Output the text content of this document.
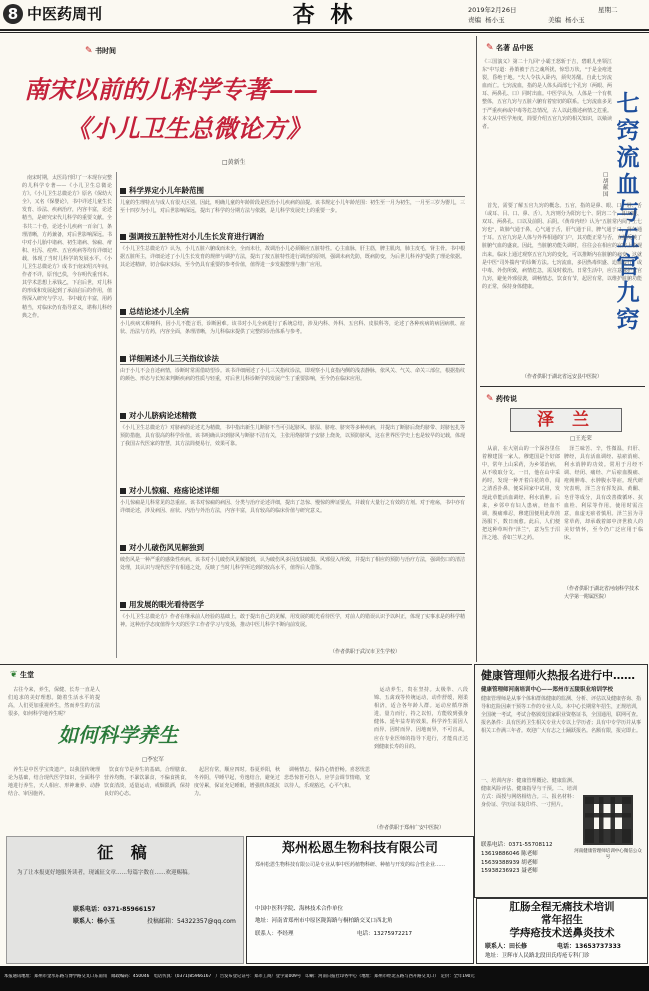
8 中医药周刊	杏 林	2019年2月26日	星期二
责编 杨小玉	美编 杨小玉
✎ 书时间
南宋以前的儿科学专著——
《小儿卫生总微论方》
□黄新生
　南宋时期，太医局刊印了一本现存完整的儿科学专著——《小儿卫生总微论方》。《小儿卫生总微论方》原名《保幼大全》，又名《保婴论》，书中详述儿童生长发育、诊法、疾病治疗，内容丰富，论述精当，是研究宋代儿科学的重要文献。全书共二十卷，论述小儿疾病一百余门，条理清晰，方药兼备，对后世影响深远。书中对小儿胎中诸病、初生诸病、惊痫、疳积、吐泻、痘疹、五官疾病等均有详细记载，体现了当时儿科学的发展水平。《小儿卫生总微论方》成书于南宋绍兴年间，作者不详，原刊已佚，今存明代重刊本。其学术思想上承钱乙，下启后世，对儿科的形成和发展起到了承前启后的作用，值得深入研究与学习。书中载方丰富，用药精当，对临床仍有指导意义，堪称儿科经典之作。
科学界定小儿年龄范围
儿童的生理特点与成人有很大区别。因此，明确儿童的年龄阶段是医治小儿疾病的前提。该书规定小儿年龄范围：初生至一月为初生，一月至三岁为婴儿，三至十四岁为小儿，对后世影响深远，提出了科学的分期方法与依据，是儿科学发展史上的重要一步。
强调按五脏特性对小儿生长发育进行调治
《小儿卫生总微论方》认为，小儿五脏六腑成而未全，全而未壮，故调治小儿必须顺应五脏特性。心主血脉，肝主筋，脾主肌肉，肺主皮毛，肾主骨。书中根据五脏所主，详细论述了小儿生长发育的规律与调护方法，提出了按五脏特性进行调治的原则，强调未病先防，既病防变，为后世儿科养护提供了理论依据。其论述精辟，切合临床实际，至今仍具有重要的参考价值，值得进一步发掘整理与推广应用。
总结论述小儿全病
小儿疾病又称哑科，因小儿不能言语，诊断困难。该书对小儿全病进行了系统总结，涉及内科、外科、五官科、皮肤科等，论述了各种疾病的病因病机、症状、治法与方药，内容全面，条理清晰，为儿科临床提供了完整的诊治体系与参考。
详细阐述小儿三关指纹诊法
由于小儿不会自述病情，诊断时常需借助望诊。该书详细阐述了小儿三关指纹诊法，即观察小儿食指内侧的浅表静脉，依风关、气关、命关三部位，根据指纹的颜色、形态与长短来判断疾病的性质与轻重，对后世儿科诊断学的发展产生了重要影响，至今仍在临床应用。
对小儿脐病论述精微
《小儿卫生总微论方》对脐病的论述尤为精微，书中指出新生儿断脐不当可引起脐风、脐湿、脐疮、脐突等多种疾病，并提出了断脐后烧灼脐带、封脐包扎等预防措施，具有很高的科学价值。该书明确认识到脐风与断脐不洁有关，主张用烙脐饼子安脐上烧灸，以预防脐风，这在世界医学史上也是较早的记载，体现了我国古代医家的智慧，其方法简便易行，效果可靠。
对小儿惊痫、疮疡论述详细
小儿惊痫是儿科常见的急重症。该书对惊痫的病因、分类与治疗论述详细，提出了急惊、慢惊的辨证要点，并载有大量行之有效的方剂。对于疮疡，书中亦有详细论述，涉及病因、症状、内治与外治方法，内容丰富，具有较高的临床价值与研究意义。
对小儿破伤风见解独到
破伤风是一种严重的感染性疾病。该书对小儿破伤风见解独到，认为破伤风多因皮肤破损、风邪侵入所致，并提出了相应的预防与治疗方法，强调伤口的清洁处理，其认识与现代医学有相通之处，反映了当时儿科学所达到的较高水平，值得后人借鉴。
用发展的眼光看待医学
《小儿卫生总微论方》作者在继承前人经验的基础上，敢于提出自己的见解，用发展的眼光看待医学，对前人的错误认识予以纠正，体现了实事求是的科学精神。这种治学态度值得今天的医学工作者学习与发扬，推动中医儿科学不断向前发展。
（作者供职于武汉市卫生学校）
✎ 名著 品中医
《三国演义》第二十九回"小霸王怒斩于吉，碧眼儿坐领江东"中写道：孙策被于吉之魂所扰，惊恐万状，"于是金疮迸裂，昏绝于地。"夫人令扶入卧内，须臾苏醒。自此七窍流血而亡。七窍流血，指的是人体头面部七个孔窍（两眼、两耳、两鼻孔、口）同时出血。中医学认为，人体是一个有机整体，五官九窍与五脏六腑有着密切的联系。七窍流血多见于严重疾病或中毒等危急情况，古人以此描述病情之危重。本文从中医学角度，简要介绍五官九窍的相关知识，以飨读者。
七窍流血与五官九窍
□胡献国
　首先，需要了解五官九窍的概念。五官，指的是鼻、眼、口、唇、舌（或耳、目、口、鼻、舌）。九窍则分为阳窍七个、阴窍二个，即双眼、双耳、两鼻孔、口以及前阴、后阴。《黄帝内经》认为"五脏常内阅于上七窍也"，故肺气通于鼻，心气通于舌，肝气通于目，脾气通于口，肾气通于耳。五官九窍是人体与外界相通的门户，其功能正常与否，直接反映了脏腑气血的盛衰。因此，当脏腑功能失调时，往往会在相应的官窍上表现出来。临床上通过观察五官九窍的变化，可以推断内在脏腑的病变，这就是中医"司外揣内"的诊断方法。七窍流血，多因热毒炽盛、迫血妄行，或中毒、外伤所致，病情危急，需及时救治。日常生活中，应注意保护五官九窍，避免外邪侵袭，调畅情志，饮食有节，起居有常，以维护脏腑功能的正常，保持身体健康。
（作者供职于湖北省远安县中医院）
✎ 药传说
泽 兰
□王光荣
　从前，在大别山的一个深谷里住着穆建国一家人。穆建国是个好郎中，常年上山采药，为乡邻治病，从不收取分文。一日，他在山中采药时，发现一种开着白花的草，闻之清香扑鼻，便采回家中试用，发现此草能活血调经、利水消肿。后来，乡邻中有妇人患病，经血不调，腹痛难忍，穆建国便用此草煎汤服下，数日而愈。此后，人们便把这种草叫作"泽兰"，意为生于沼泽之地、香如兰草之药。
　泽兰味苦、辛，性微温，归肝、脾经，具有活血调经、祛瘀消痈、利水消肿的功效。常用于月经不调、经闭、痛经、产后瘀血腹痛、疮痈肿毒、水肿腹水等症。现代研究表明，泽兰含有挥发油、黄酮、皂苷等成分，具有改善微循环、抗血栓、利尿等作用。使用时需注意，血虚无瘀者慎用。泽兰虽为寻常草药，却承载着郎中济世救人的美好情怀，至今仍广泛应用于临床。
（作者供职于湖北省河南科学技术大学第一附属医院）
健康管理师火热报名进行中……
健康管理师河南培训中心——郑州市五陵职业培训学校
健康管理师是从事个体和群体健康的监测、分析、评估以及健康咨询、指导和危险因素干预等工作的专业人员。本中心长期常年招生，正规培训，全国统一考试，考试合格颁发国家职业资格证书，全国通用，联网可查。报名条件：具有医药卫生相关专业大专以上学历者；具有中专学历并从事相关工作满三年者。欢迎广大有志之士踊跃报名。名额有限，报完即止。
一、培训内容：健康管理概论、健康监测、健康风险评估、健康指导与干预。二、培训方式：面授与网络相结合。三、报名材料：身份证、学历证书复印件、一寸照片。
联系电话：0371-55708112
13619886046 陈老师
15639388939 胡老师
15938236923 聂老师
河南健康管理师培训中心微信公众号
❦ 生堂
　古往今来，养生，保健、长寿一直是人们追求的美好理想。随着生活水平的提高，人们更加重视养生，然而养生的方法很多，如何科学地养生呢？
如何科学养生
□李宏军
　养生是中医学宝贵遗产，以我国传统理论为基础，结合现代医学知识，全面科学地进行养生，天人相应、形神兼养、动静结合、审因施养。
　饮食有节是养生的基础。合理膳食、营养均衡，不暴饮暴食，不偏食挑食，饮食清淡，适量运动，戒烟限酒，保持良好的心态。
　起居有常，顺应四时。春夏养阳，秋冬养阴，早睡早起，劳逸结合，避免过度劳累，保证充足睡眠，增强机体抵抗力。
　调畅情志，保持心情舒畅。喜怒忧思悲恐惊皆可伤人，应学会调节情绪，宽以待人，乐观豁达，心平气和。
　运动养生，贵在坚持。太极拳、八段锦、五禽戏等传统运动，动作舒缓，刚柔相济，适合各年龄人群。运动应循序渐进，量力而行，持之以恒，方能收到强身健体、延年益寿的效果。科学养生需因人而异、因时而异、因地而异，不可盲从，应在专业医师的指导下进行，才能真正达到健康长寿的目的。
（作者供职于郑州广安中医院）
征 稿
为了让本报更好地服务读者，现诚征文章……每篇字数在……欢迎赐稿。
联系电话：0371-85966157
联系人：杨小玉	投稿邮箱：54322357@qq.com
郑州松恩生物科技有限公司
郑州松恩生物科技有限公司是专业从事中医药植物科研、种植与开发的综合性企业……
中国中医科学院、海林技术合作单位
地址：河南省郑州市中原区陇海路与桐柏路交叉口西北角
联系人：李经理	电话：13275972217
肛肠全程无痛技术培训
常年招生
学痔疮技术送鼻炎技术
联系人：田长修	电话：13653737333
地址：卫辉市人民路北段田氏痔疮专科门诊
本报通讯地址：郑州市金水东路与博学路交叉口东南角　邮政编码：450046　电话传真：(0371)85966167　广告发布登记证号：郑市工商广登字第009号　印刷：河南日报社印务中心（地址：郑州市经北五路与西开路交叉口）　定价：全年190元
